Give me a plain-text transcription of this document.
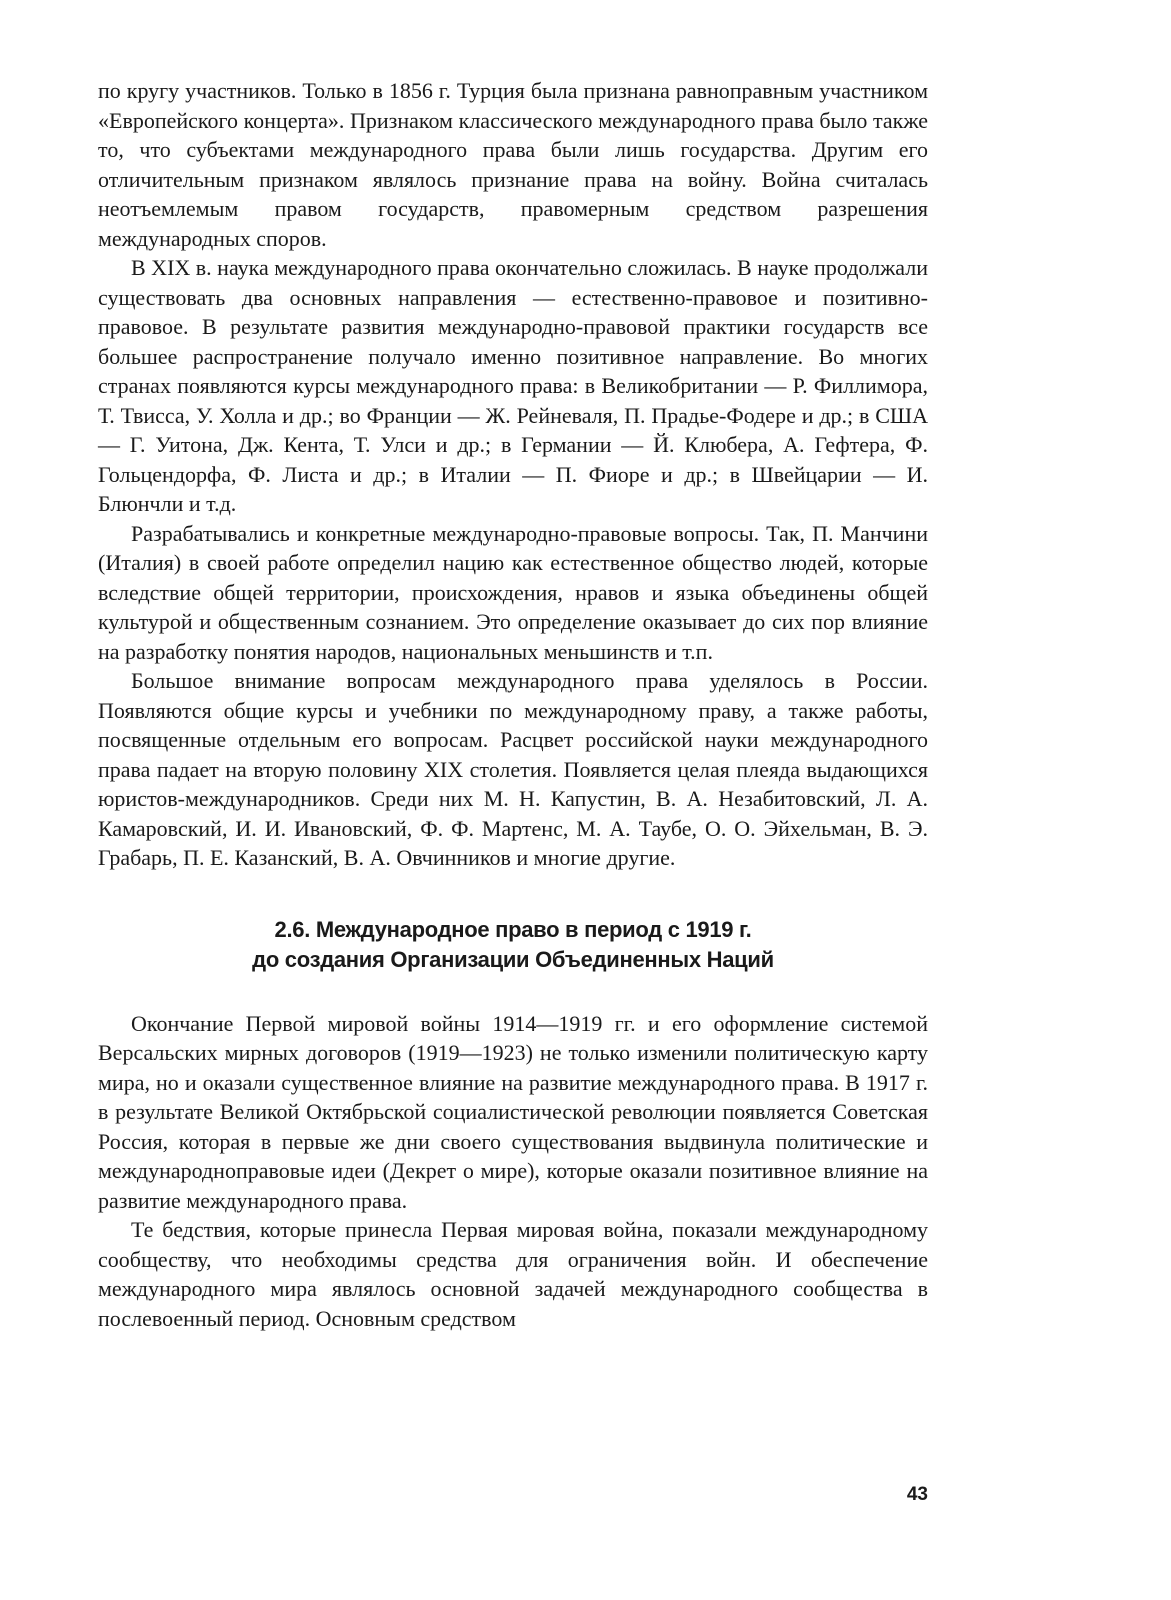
по кругу участников. Только в 1856 г. Турция была признана равноправным участником «Европейского концерта». Признаком классического международного права было также то, что субъектами международного права были лишь государства. Другим его отличительным признаком являлось признание права на войну. Война считалась неотъемлемым правом государств, правомерным средством разрешения международных споров.

В XIX в. наука международного права окончательно сложилась. В науке продолжали существовать два основных направления — естественно-правовое и позитивно-правовое. В результате развития международно-правовой практики государств все большее распространение получало именно позитивное направление. Во многих странах появляются курсы международного права: в Великобритании — Р. Филлимора, Т. Твисса, У. Холла и др.; во Франции — Ж. Рейневаля, П. Прадье-Фодере и др.; в США — Г. Уитона, Дж. Кента, Т. Улси и др.; в Германии — Й. Клюбера, А. Гефтера, Ф. Гольцендорфа, Ф. Листа и др.; в Италии — П. Фиоре и др.; в Швейцарии — И. Блюнчли и т.д.

Разрабатывались и конкретные международно-правовые вопросы. Так, П. Манчини (Италия) в своей работе определил нацию как естественное общество людей, которые вследствие общей территории, происхождения, нравов и языка объединены общей культурой и общественным сознанием. Это определение оказывает до сих пор влияние на разработку понятия народов, национальных меньшинств и т.п.

Большое внимание вопросам международного права уделялось в России. Появляются общие курсы и учебники по международному праву, а также работы, посвященные отдельным его вопросам. Расцвет российской науки международного права падает на вторую половину XIX столетия. Появляется целая плеяда выдающихся юристов-международников. Среди них М. Н. Капустин, В. А. Незабитовский, Л. А. Камаровский, И. И. Ивановский, Ф. Ф. Мартенс, М. А. Таубе, О. О. Эйхельман, В. Э. Грабарь, П. Е. Казанский, В. А. Овчинников и многие другие.

2.6. Международное право в период с 1919 г.
до создания Организации Объединенных Наций

Окончание Первой мировой войны 1914—1919 гг. и его оформление системой Версальских мирных договоров (1919—1923) не только изменили политическую карту мира, но и оказали существенное влияние на развитие международного права. В 1917 г. в результате Великой Октябрьской социалистической революции появляется Советская Россия, которая в первые же дни своего существования выдвинула политические и международноправовые идеи (Декрет о мире), которые оказали позитивное влияние на развитие международного права.

Те бедствия, которые принесла Первая мировая война, показали международному сообществу, что необходимы средства для ограничения войн. И обеспечение международного мира являлось основной задачей международного сообщества в послевоенный период. Основным средством

43
